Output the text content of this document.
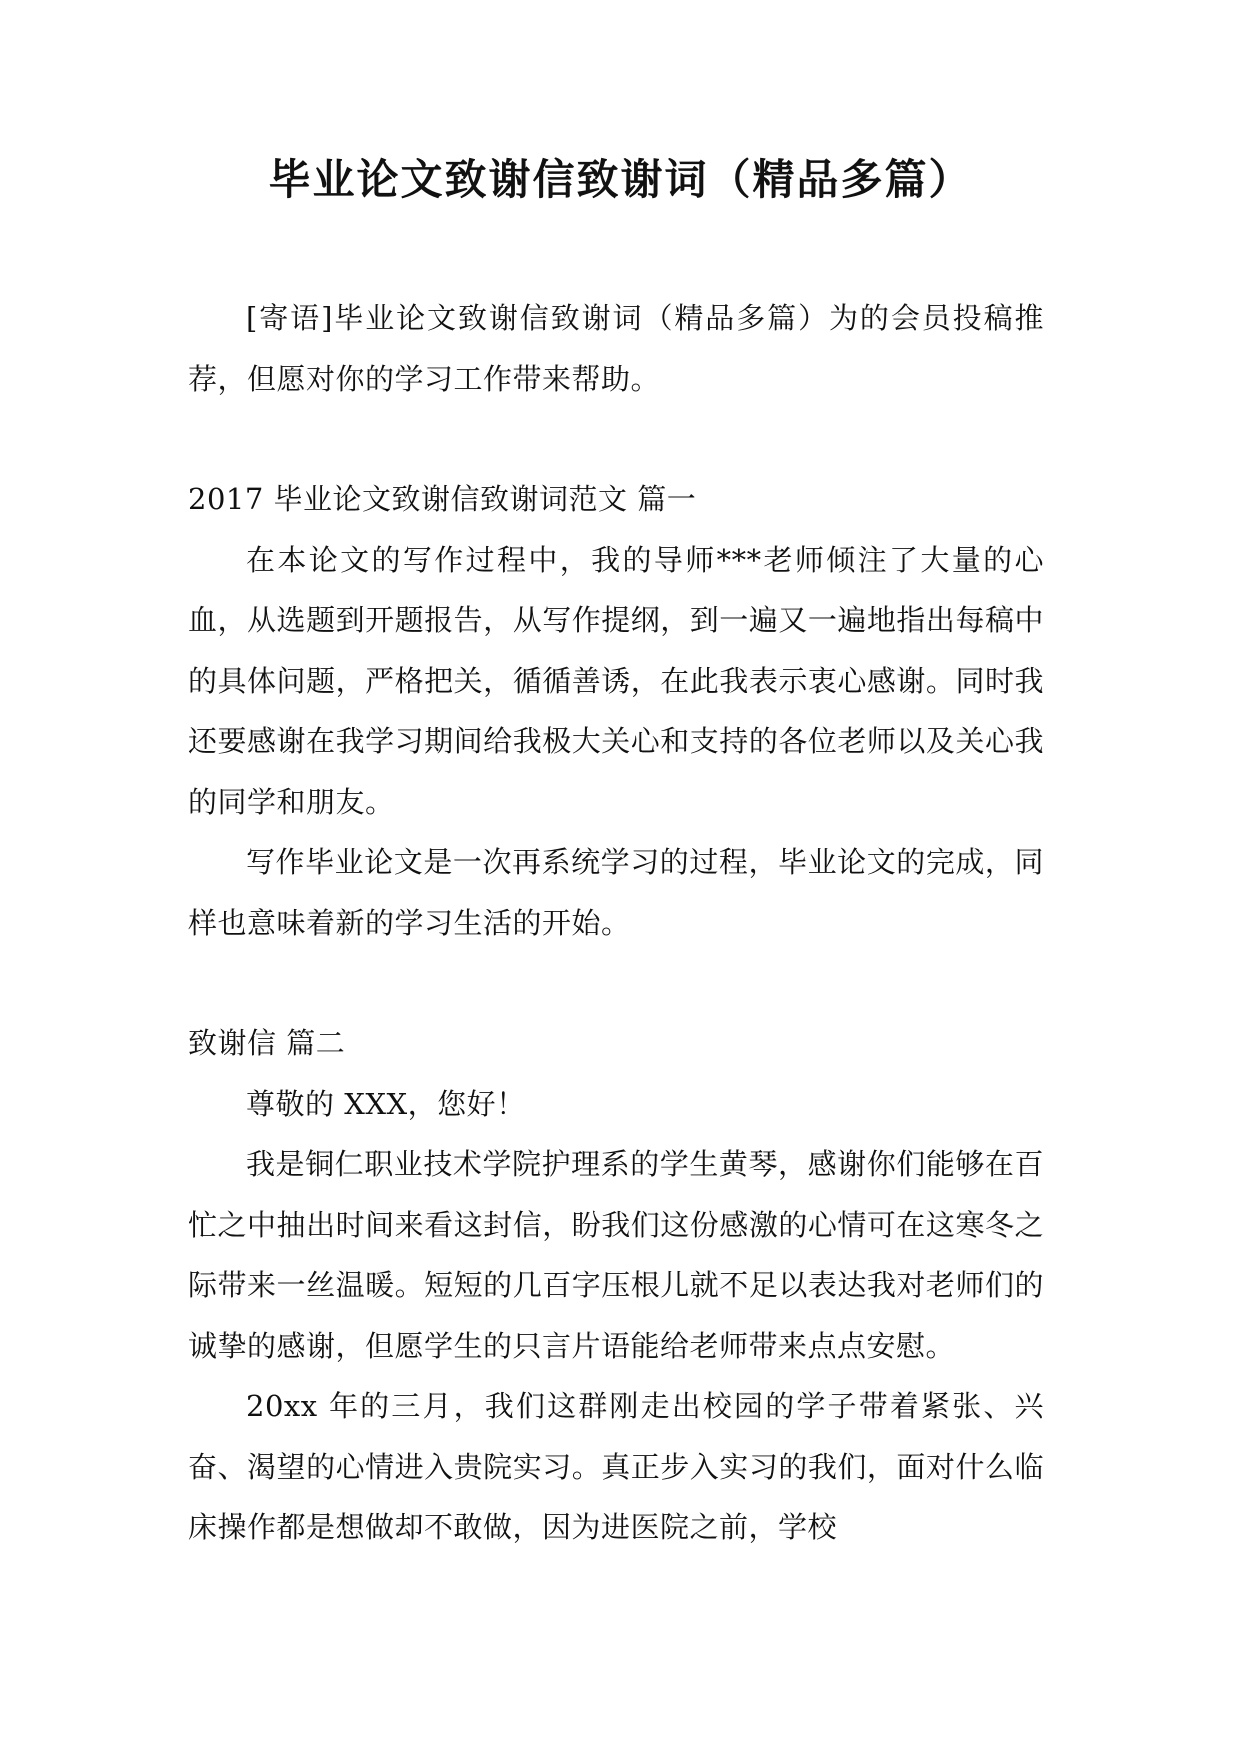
毕业论文致谢信致谢词（精品多篇）

[寄语]毕业论文致谢信致谢词（精品多篇）为的会员投稿推荐，但愿对你的学习工作带来帮助。

2017 毕业论文致谢信致谢词范文 篇一

在本论文的写作过程中，我的导师***老师倾注了大量的心血，从选题到开题报告，从写作提纲，到一遍又一遍地指出每稿中的具体问题，严格把关，循循善诱，在此我表示衷心感谢。同时我还要感谢在我学习期间给我极大关心和支持的各位老师以及关心我的同学和朋友。

写作毕业论文是一次再系统学习的过程，毕业论文的完成，同样也意味着新的学习生活的开始。

致谢信 篇二

尊敬的 XXX，您好！

我是铜仁职业技术学院护理系的学生黄琴，感谢你们能够在百忙之中抽出时间来看这封信，盼我们这份感激的心情可在这寒冬之际带来一丝温暖。短短的几百字压根儿就不足以表达我对老师们的诚挚的感谢，但愿学生的只言片语能给老师带来点点安慰。

20xx 年的三月，我们这群刚走出校园的学子带着紧张、兴奋、渴望的心情进入贵院实习。真正步入实习的我们，面对什么临床操作都是想做却不敢做，因为进医院之前，学校
